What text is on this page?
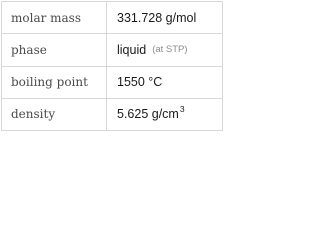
molar mass	331.728 g/mol
phase	liquid (at STP)
boiling point	1550 °C
density	5.625 g/cm 3
